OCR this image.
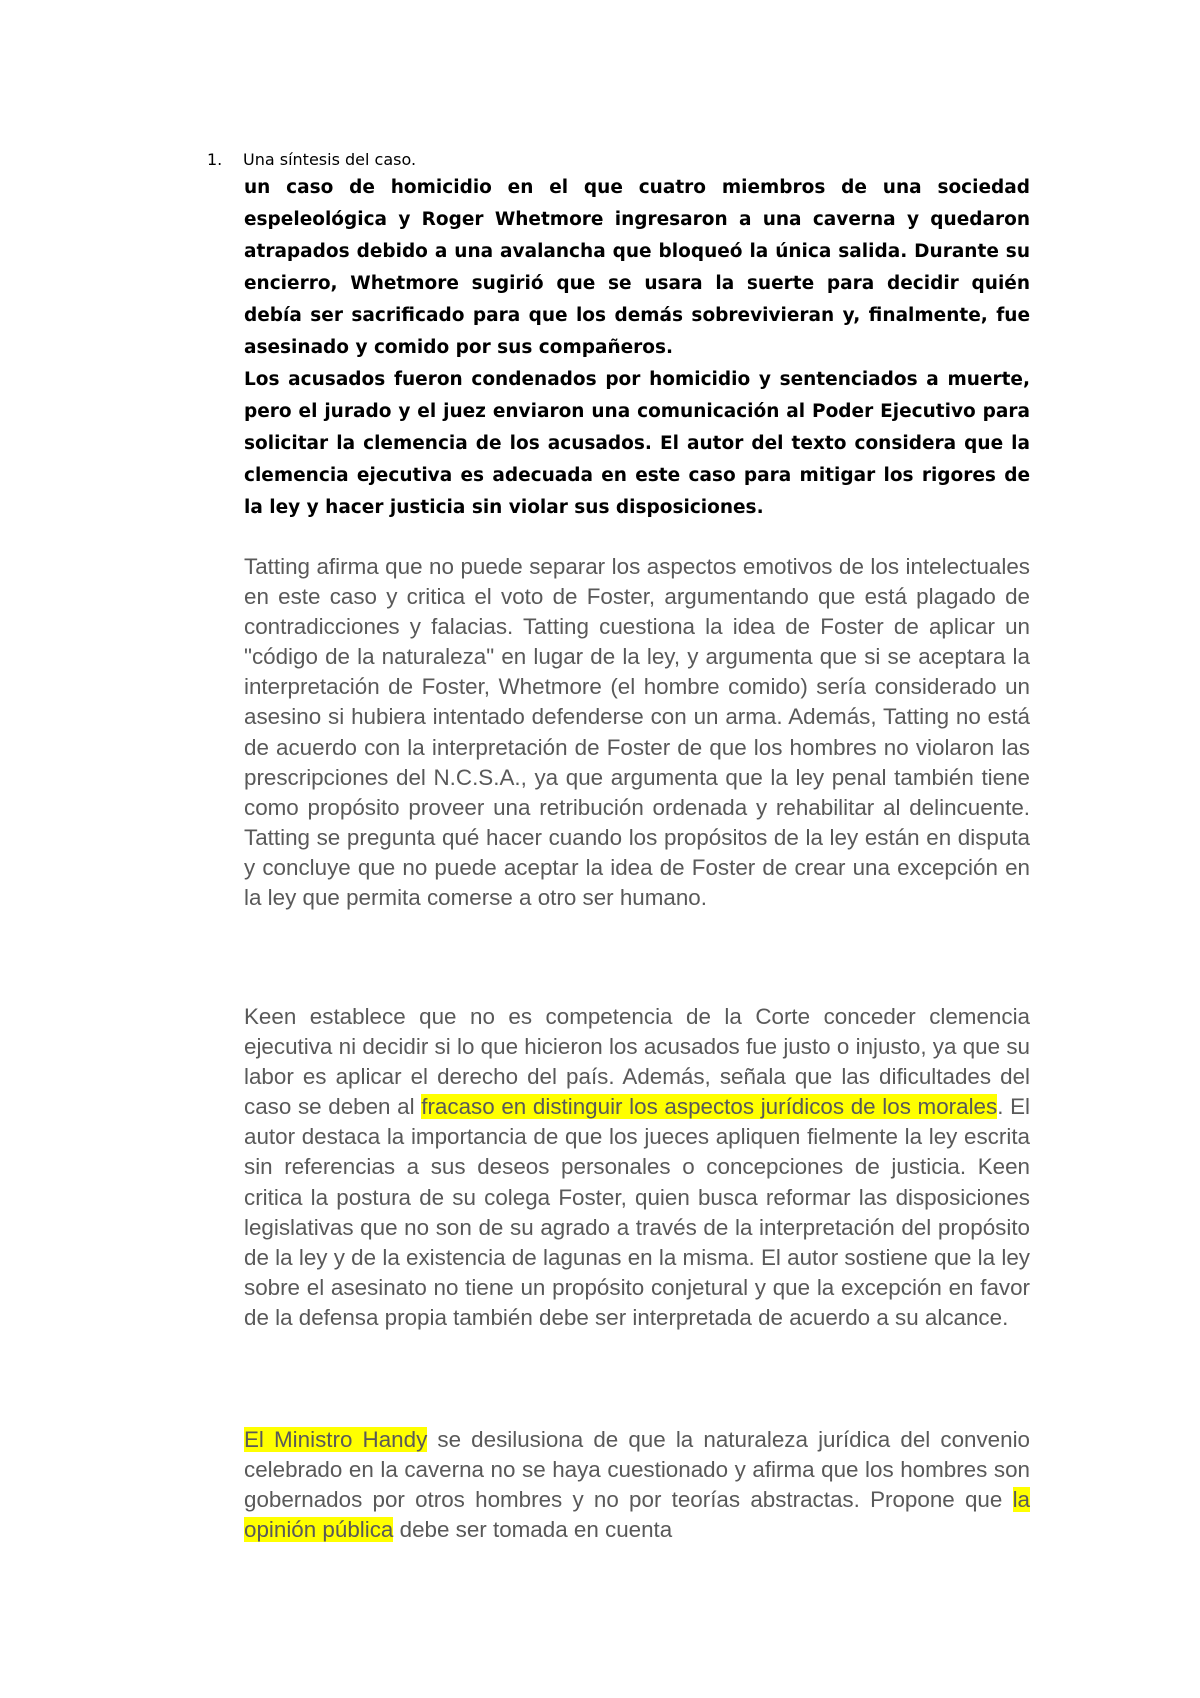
1. Una síntesis del caso.

un caso de homicidio en el que cuatro miembros de una sociedad espeleológica y Roger Whetmore ingresaron a una caverna y quedaron atrapados debido a una avalancha que bloqueó la única salida. Durante su encierro, Whetmore sugirió que se usara la suerte para decidir quién debía ser sacrificado para que los demás sobrevivieran y, finalmente, fue asesinado y comido por sus compañeros.

Los acusados fueron condenados por homicidio y sentenciados a muerte, pero el jurado y el juez enviaron una comunicación al Poder Ejecutivo para solicitar la clemencia de los acusados. El autor del texto considera que la clemencia ejecutiva es adecuada en este caso para mitigar los rigores de la ley y hacer justicia sin violar sus disposiciones.

Tatting afirma que no puede separar los aspectos emotivos de los intelectuales en este caso y critica el voto de Foster, argumentando que está plagado de contradicciones y falacias. Tatting cuestiona la idea de Foster de aplicar un "código de la naturaleza" en lugar de la ley, y argumenta que si se aceptara la interpretación de Foster, Whetmore (el hombre comido) sería considerado un asesino si hubiera intentado defenderse con un arma. Además, Tatting no está de acuerdo con la interpretación de Foster de que los hombres no violaron las prescripciones del N.C.S.A., ya que argumenta que la ley penal también tiene como propósito proveer una retribución ordenada y rehabilitar al delincuente. Tatting se pregunta qué hacer cuando los propósitos de la ley están en disputa y concluye que no puede aceptar la idea de Foster de crear una excepción en la ley que permita comerse a otro ser humano.

Keen establece que no es competencia de la Corte conceder clemencia ejecutiva ni decidir si lo que hicieron los acusados fue justo o injusto, ya que su labor es aplicar el derecho del país. Además, señala que las dificultades del caso se deben al fracaso en distinguir los aspectos jurídicos de los morales. El autor destaca la importancia de que los jueces apliquen fielmente la ley escrita sin referencias a sus deseos personales o concepciones de justicia. Keen critica la postura de su colega Foster, quien busca reformar las disposiciones legislativas que no son de su agrado a través de la interpretación del propósito de la ley y de la existencia de lagunas en la misma. El autor sostiene que la ley sobre el asesinato no tiene un propósito conjetural y que la excepción en favor de la defensa propia también debe ser interpretada de acuerdo a su alcance.

El Ministro Handy se desilusiona de que la naturaleza jurídica del convenio celebrado en la caverna no se haya cuestionado y afirma que los hombres son gobernados por otros hombres y no por teorías abstractas. Propone que la opinión pública debe ser tomada en cuenta
